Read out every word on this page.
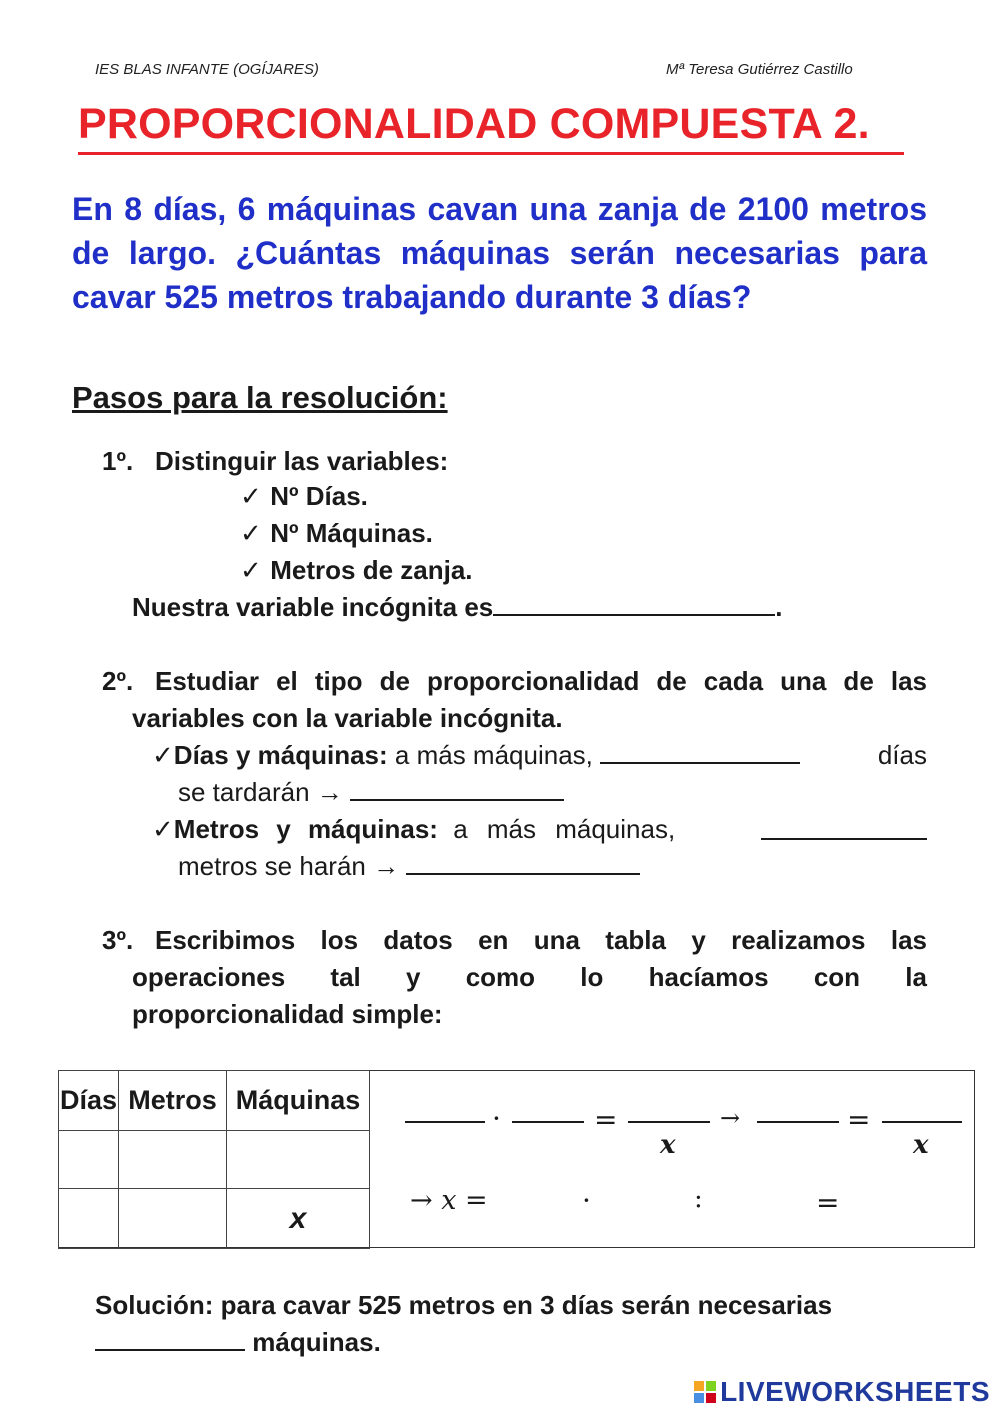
IES BLAS INFANTE (OGÍJARES)	Mª Teresa Gutiérrez Castillo
PROPORCIONALIDAD COMPUESTA 2.
En 8 días, 6 máquinas cavan una zanja de 2100 metros de largo. ¿Cuántas máquinas serán necesarias para cavar 525 metros trabajando durante 3 días?
Pasos para la resolución:
1º. Distinguir las variables:
✓ Nº Días.
✓ Nº Máquinas.
✓ Metros de zanja.
Nuestra variable incógnita es	.
2º. Estudiar el tipo de proporcionalidad de cada una de las
variables con la variable incógnita.
✓Días y máquinas: a más máquinas,	días
se tardarán →
✓Metros y máquinas: a más máquinas,
metros se harán →
3º. Escribimos los datos en una tabla y realizamos las
operaciones tal y como lo hacíamos con la
proporcionalidad simple:
Días	Metros	Máquinas

		x
·	=
x
→	=
x
→ x =	·	:	=
Solución: para cavar 525 metros en 3 días serán necesarias
máquinas.
LIVEWORKSHEETS
